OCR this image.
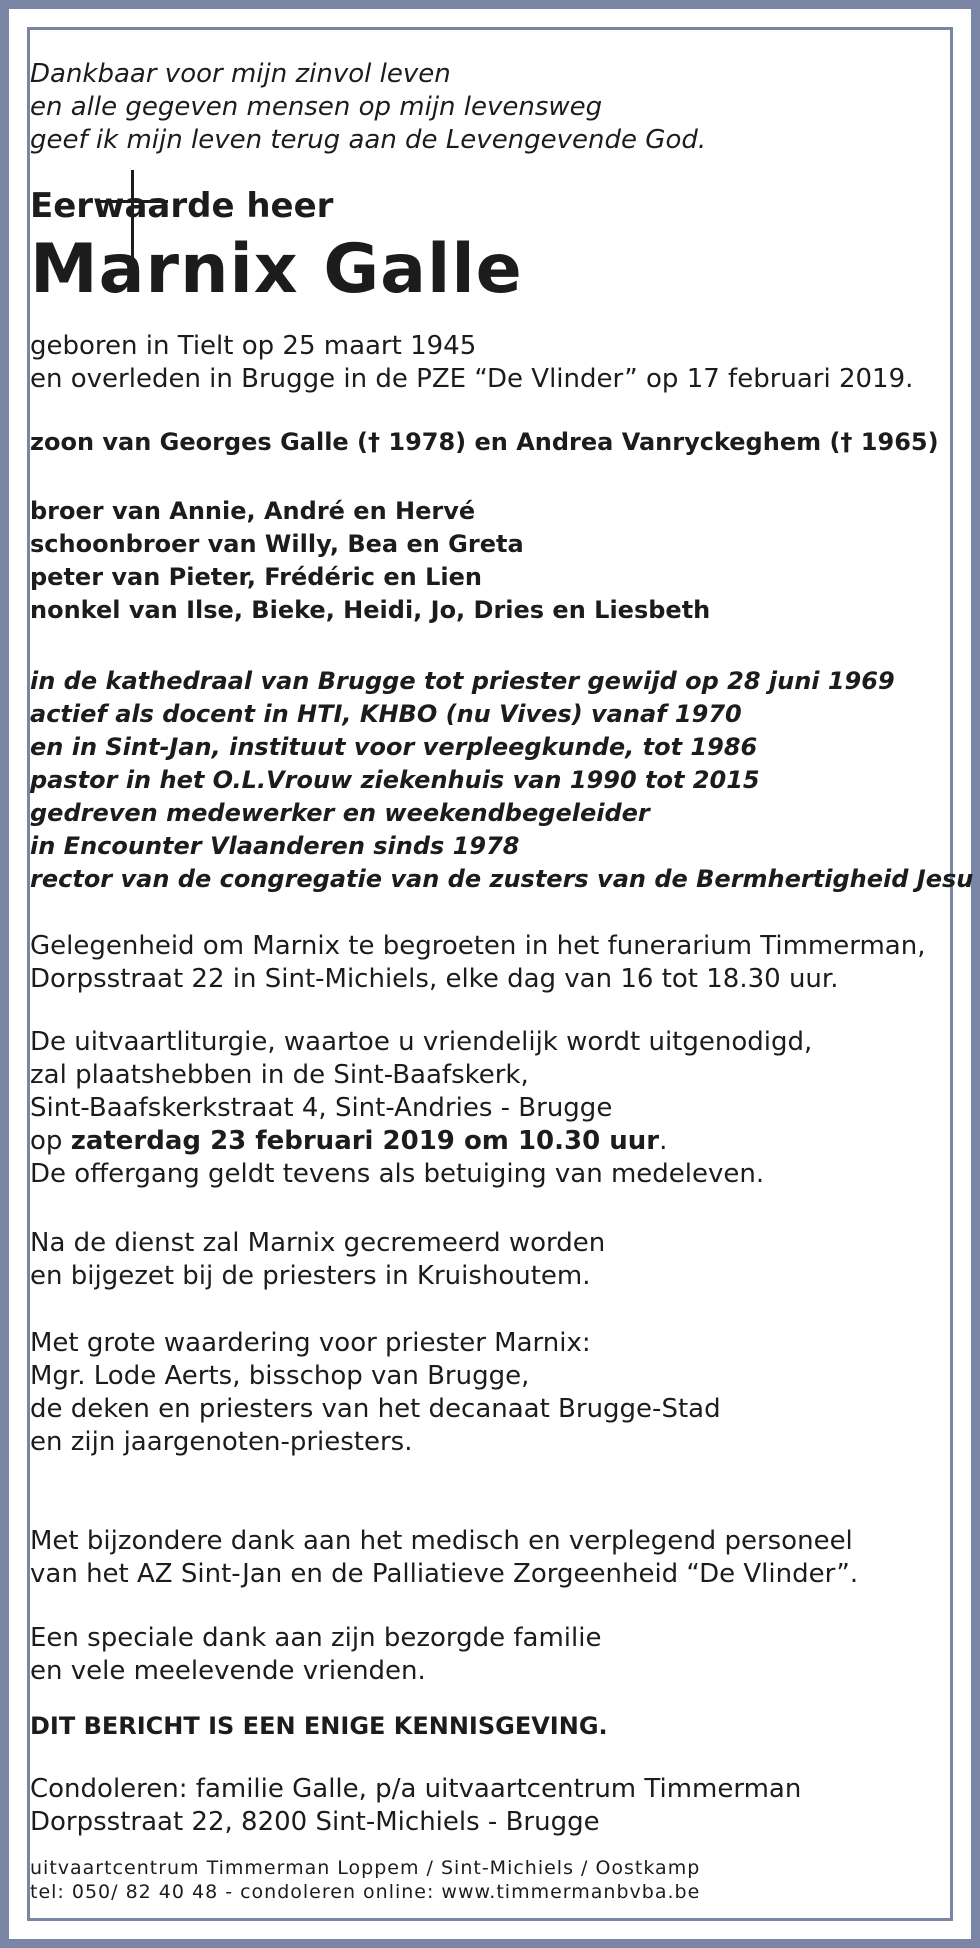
Dankbaar voor mijn zinvol leven
en alle gegeven mensen op mijn levensweg
geef ik mijn leven terug aan de Levengevende God.
Eerwaarde heer
Marnix Galle
geboren in Tielt op 25 maart 1945
en overleden in Brugge in de PZE “De Vlinder” op 17 februari 2019.
zoon van Georges Galle († 1978) en Andrea Vanryckeghem († 1965)
broer van Annie, André en Hervé
schoonbroer van Willy, Bea en Greta
peter van Pieter, Frédéric en Lien
nonkel van Ilse, Bieke, Heidi, Jo, Dries en Liesbeth
in de kathedraal van Brugge tot priester gewijd op 28 juni 1969
actief als docent in HTI, KHBO (nu Vives) vanaf 1970
en in Sint-Jan, instituut voor verpleegkunde, tot 1986
pastor in het O.L.Vrouw ziekenhuis van 1990 tot 2015
gedreven medewerker en weekendbegeleider
in Encounter Vlaanderen sinds 1978
rector van de congregatie van de zusters van de Bermhertigheid Jesu
Gelegenheid om Marnix te begroeten in het funerarium Timmerman,
Dorpsstraat 22 in Sint-Michiels, elke dag van 16 tot 18.30 uur.
De uitvaartliturgie, waartoe u vriendelijk wordt uitgenodigd,
zal plaatshebben in de Sint-Baafskerk,
Sint-Baafskerkstraat 4, Sint-Andries - Brugge
op zaterdag 23 februari 2019 om 10.30 uur.
De offergang geldt tevens als betuiging van medeleven.
Na de dienst zal Marnix gecremeerd worden
en bijgezet bij de priesters in Kruishoutem.
Met grote waardering voor priester Marnix:
Mgr. Lode Aerts, bisschop van Brugge,
de deken en priesters van het decanaat Brugge-Stad
en zijn jaargenoten-priesters.
Met bijzondere dank aan het medisch en verplegend personeel
van het AZ Sint-Jan en de Palliatieve Zorgeenheid “De Vlinder”.
Een speciale dank aan zijn bezorgde familie
en vele meelevende vrienden.
DIT BERICHT IS EEN ENIGE KENNISGEVING.
Condoleren: familie Galle, p/a uitvaartcentrum Timmerman
Dorpsstraat 22, 8200 Sint-Michiels - Brugge
uitvaartcentrum Timmerman Loppem / Sint-Michiels / Oostkamp
tel: 050/ 82 40 48 - condoleren online: www.timmermanbvba.be
